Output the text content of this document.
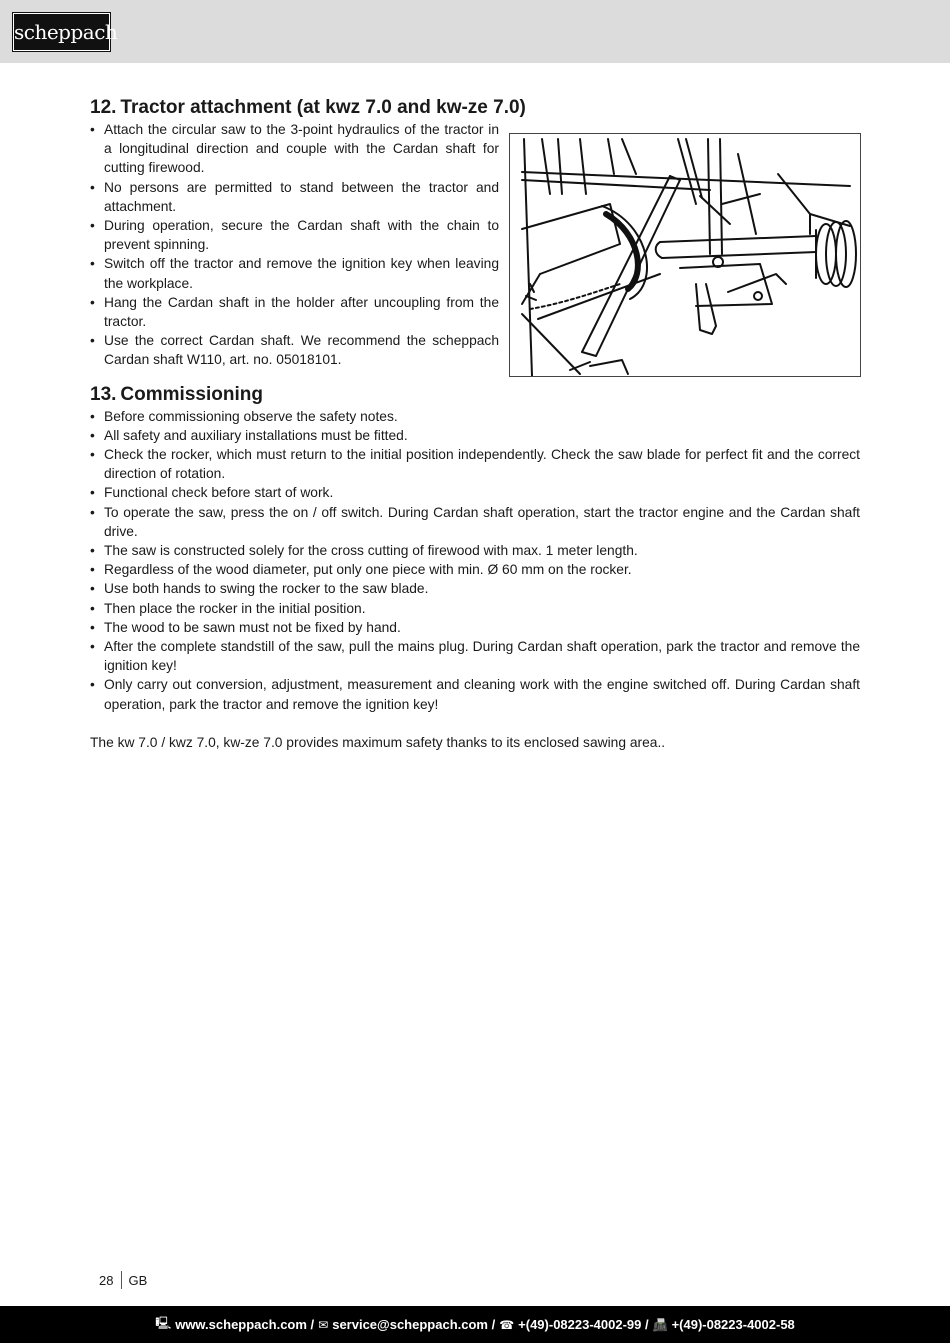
scheppach
12. Tractor attachment (at kwz 7.0 and kw-ze 7.0)
• Attach the circular saw to the 3-point hydraulics of the tractor in a longitudinal direction and couple with the Cardan shaft for cutting firewood.
• No persons are permitted to stand between the tractor and attachment.
• During operation, secure the Cardan shaft with the chain to prevent spinning.
• Switch off the tractor and remove the ignition key when leaving the workplace.
• Hang the Cardan shaft in the holder after uncoupling from the tractor.
• Use the correct Cardan shaft. We recommend the scheppach Cardan shaft W110, art. no. 05018101.
13. Commissioning
• Before commissioning observe the safety notes.
• All safety and auxiliary installations must be fitted.
• Check the rocker, which must return to the initial position independently. Check the saw blade for perfect fit and the correct direction of rotation.
• Functional check before start of work.
• To operate the saw, press the on / off switch. During Cardan shaft operation, start the tractor engine and the Cardan shaft drive.
• The saw is constructed solely for the cross cutting of firewood with max. 1 meter length.
• Regardless of the wood diameter, put only one piece with min. Ø 60 mm on the rocker.
• Use both hands to swing the rocker to the saw blade.
• Then place the rocker in the initial position.
• The wood to be sawn must not be fixed by hand.
• After the complete standstill of the saw, pull the mains plug. During Cardan shaft operation, park the tractor and remove the ignition key!
• Only carry out conversion, adjustment, measurement and cleaning work with the engine switched off. During Cardan shaft operation, park the tractor and remove the ignition key!
The kw 7.0 / kwz 7.0, kw-ze 7.0 provides maximum safety thanks to its enclosed sawing area..
28 GB
🖳 www.scheppach.com / ✉ service@scheppach.com / ☎ +(49)-08223-4002-99 / 📠 +(49)-08223-4002-58
